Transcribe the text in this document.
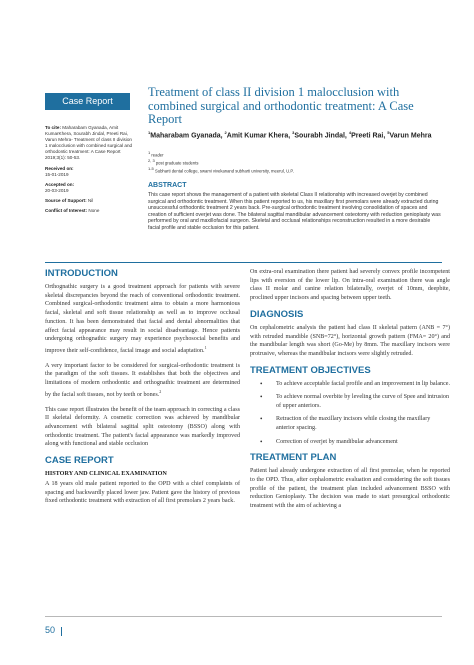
Case Report
Treatment of class II division 1 malocclusion with combined surgical and orthodontic treatment: A Case Report
$^1$Maharabam Gyanada, $^2$Amit Kumar Khera, $^3$Sourabh Jindal, $^4$Preeti Rai, $^5$Varun Mehra
$^1$ reader
$^{2, 3}$ post graduate students
$^{1-5}$ Subharti dental college, swami vivekanand subharti university, meerul, U.P.
To cite: Maharabam Gyanada, Amit KumarKhera, Sourabh Jindal, Preeti Rai, Varun Mehra- Treatment of class II division 1 malocclusion with combined surgical and orthodontic treatment: A Case Report 2019;3(1): 50-53.
Received on:
15-01-2019
Accepted on:
20-03-2019
Source of Support: Nil
Conflict of Interest: None
ABSTRACT
This case report shows the management of a patient with skeletal Class II relationship with increased overjet by combined surgical and orthodontic treatment. When this patient reported to us, his maxillary first premolars were already extracted during unsuccessful orthodontic treatment 2 years back. Pre-surgical orthodontic treatment involving consolidation of spaces and creation of sufficient overjet was done. The bilateral sagittal mandibular advancement osteotomy with reduction genioplasty was performed by oral and maxillofacial surgeon. Skeletal and occlusal relationships reconstruction resulted in a more desirable facial profile and stable occlusion for this patient.
INTRODUCTION

Orthognathic surgery is a good treatment approach for patients with severe skeletal discrepancies beyond the reach of conventional orthodontic treatment. Combined surgical-orthodontic treatment aims to obtain a more harmonious facial, skeletal and soft tissue relationship as well as to improve occlusal function. It has been demonstrated that facial and dental abnormalities that affect facial appearance may result in social disadvantage. Hence patients undergoing orthognathic surgery may experience psychosocial benefits and improve their self-confidence, facial image and social adaptation.$^1$

A very important factor to be considered for surgical-orthodontic treatment is the paradigm of the soft tissues. It establishes that both the objectives and limitations of modern orthodontic and orthognathic treatment are determined by the facial soft tissues, not by teeth or bones.$^2$

This case report illustrates the benefit of the team approach in correcting a class II skeletal deformity. A cosmetic correction was achieved by mandibular advancement with bilateral sagittal split osteotomy (BSSO) along with orthodontic treatment. The patient's facial appearance was markedly improved along with functional and stable occlusion

CASE REPORT
HISTORY AND CLINICAL EXAMINATION

A 18 years old male patient reported to the OPD with a chief complaints of spacing and backwardly placed lower jaw. Patient gave the history of previous fixed orthodontic treatment with extraction of all first premolars 2 years back.

On extra-oral examination there patient had severely convex profile incompetent lips with eversion of the lower lip. On intra-oral examination there was angle class II molar and canine relation bilaterally, overjet of 10mm, deepbite, proclined upper incisors and spacing between upper teeth.

DIAGNOSIS

On cephalometric analysis the patient had class II skeletal pattern (ANB = 7°) with retruded mandible (SNB=72°), horizontal growth pattern (FMA= 20°) and the mandibular length was short (Go-Me) by 8mm. The maxillary incisors were protrusive, whereas the mandibular incisors were slightly retruded.

TREATMENT OBJECTIVES
• To achieve acceptable facial profile and an improvement in lip balance.
• To achieve normal overbite by leveling the curve of Spee and intrusion of upper anteriors.
• Retraction of the maxillary incisors while closing the maxillary anterior spacing.
• Correction of overjet by mandibular advancement
TREATMENT PLAN

Patient had already undergone extraction of all first premolar, when he reported to the OPD. Thus, after cephalometric evaluation and considering the soft tissues profile of the patient, the treatment plan included advancement BSSO with reduction Genioplasty. The decision was made to start presurgical orthodontic treatment with the aim of achieving a

50
